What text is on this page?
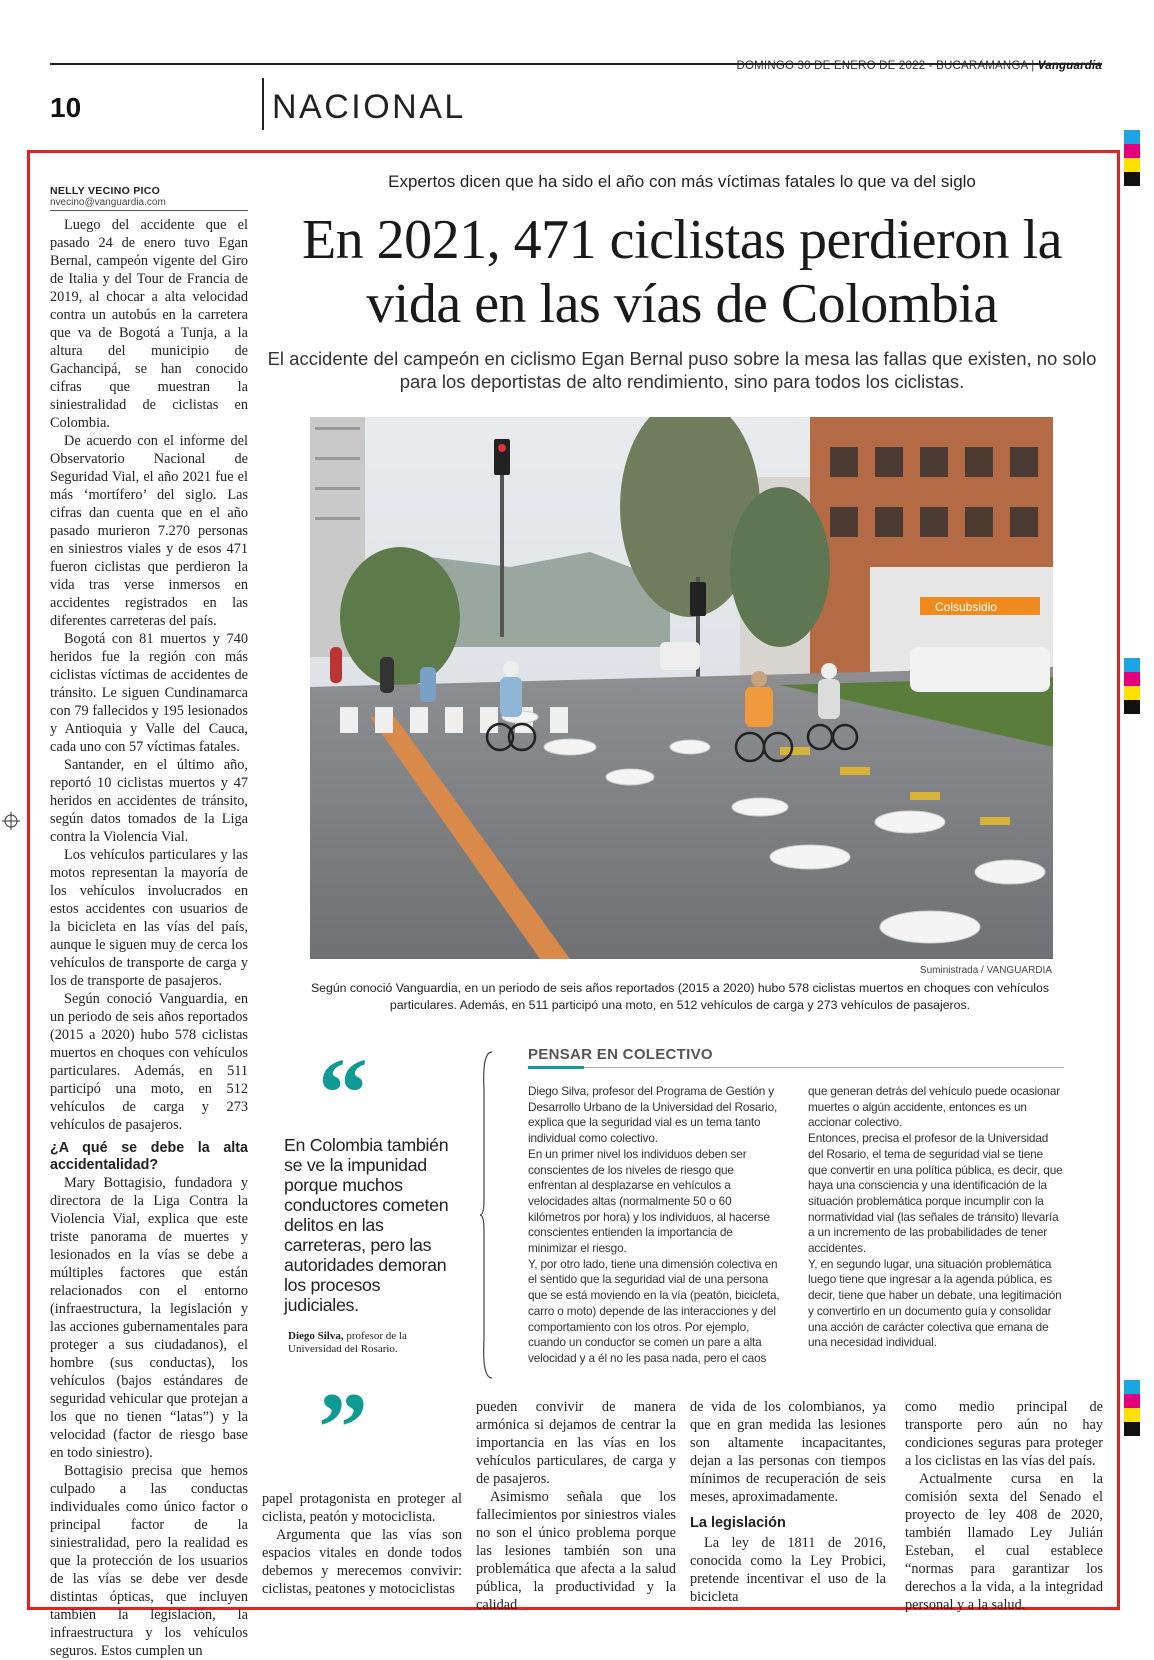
DOMINGO 30 DE ENERO DE 2022 - BUCARAMANGA | Vanguardia
10	NACIONAL
NELLY VECINO PICO
nvecino@vanguardia.com

Luego del accidente que el pasado 24 de enero tuvo Egan Bernal, campeón vigente del Giro de Italia y del Tour de Francia de 2019, al chocar a alta velocidad contra un autobús en la carretera que va de Bogotá a Tunja, a la altura del municipio de Gachancipá, se han conocido cifras que muestran la siniestralidad de ciclistas en Colombia.

De acuerdo con el informe del Observatorio Nacional de Seguridad Vial, el año 2021 fue el más ‘mortífero’ del siglo. Las cifras dan cuenta que en el año pasado murieron 7.270 personas en siniestros viales y de esos 471 fueron ciclistas que perdieron la vida tras verse inmersos en accidentes registrados en las diferentes carreteras del país.

Bogotá con 81 muertos y 740 heridos fue la región con más ciclistas víctimas de accidentes de tránsito. Le siguen Cundinamarca con 79 fallecidos y 195 lesionados y Antioquia y Valle del Cauca, cada uno con 57 víctimas fatales.

Santander, en el último año, reportó 10 ciclistas muertos y 47 heridos en accidentes de tránsito, según datos tomados de la Liga contra la Violencia Vial.

Los vehículos particulares y las motos representan la mayoría de los vehículos involucrados en estos accidentes con usuarios de la bicicleta en las vías del país, aunque le siguen muy de cerca los vehículos de transporte de carga y los de transporte de pasajeros.

Según conoció Vanguardia, en un periodo de seis años reportados (2015 a 2020) hubo 578 ciclistas muertos en choques con vehículos particulares. Además, en 511 participó una moto, en 512 vehículos de carga y 273 vehículos de pasajeros.

¿A qué se debe la alta accidentalidad?

Mary Bottagisio, fundadora y directora de la Liga Contra la Violencia Vial, explica que este triste panorama de muertes y lesionados en la vías se debe a múltiples factores que están relacionados con el entorno (infraestructura, la legislación y las acciones gubernamentales para proteger a sus ciudadanos), el hombre (sus conductas), los vehículos (bajos estándares de seguridad vehicular que protejan a los que no tienen “latas”) y la velocidad (factor de riesgo base en todo siniestro).

Bottagisio precisa que hemos culpado a las conductas individuales como único factor o principal factor de la siniestralidad, pero la realidad es que la protección de los usuarios de las vías se debe ver desde distintas ópticas, que incluyen también la legislación, la infraestructura y los vehículos seguros. Estos cumplen un

Expertos dicen que ha sido el año con más víctimas fatales lo que va del siglo
En 2021, 471 ciclistas perdieron la vida en las vías de Colombia
El accidente del campeón en ciclismo Egan Bernal puso sobre la mesa las fallas que existen, no solo para los deportistas de alto rendimiento, sino para todos los ciclistas.
Colsubsidio
Suministrada / VANGUARDIA
Según conoció Vanguardia, en un periodo de seis años reportados (2015 a 2020) hubo 578 ciclistas muertos en choques con vehículos particulares. Además, en 511 participó una moto, en 512 vehículos de carga y 273 vehículos de pasajeros.
“
En Colombia también se ve la impunidad porque muchos conductores cometen delitos en las carreteras, pero las autoridades demoran los procesos judiciales.
Diego Silva, profesor de la Universidad del Rosario.
”
PENSAR EN COLECTIVO

Diego Silva, profesor del Programa de Gestión y Desarrollo Urbano de la Universidad del Rosario, explica que la seguridad vial es un tema tanto individual como colectivo.

En un primer nivel los individuos deben ser conscientes de los niveles de riesgo que enfrentan al desplazarse en vehículos a velocidades altas (normalmente 50 o 60 kilómetros por hora) y los individuos, al hacerse conscientes entienden la importancia de minimizar el riesgo.

Y, por otro lado, tiene una dimensión colectiva en el sentido que la seguridad vial de una persona que se está moviendo en la vía (peatón, bicicleta, carro o moto) depende de las interacciones y del comportamiento con los otros. Por ejemplo, cuando un conductor se comen un pare a alta velocidad y a él no les pasa nada, pero el caos

que generan detrás del vehículo puede ocasionar muertes o algún accidente, entonces es un accionar colectivo.

Entonces, precisa el profesor de la Universidad del Rosario, el tema de seguridad vial se tiene que convertir en una política pública, es decir, que haya una consciencia y una identificación de la situación problemática porque incumplir con la normatividad vial (las señales de tránsito) llevaría a un incremento de las probabilidades de tener accidentes.

Y, en segundo lugar, una situación problemática luego tiene que ingresar a la agenda pública, es decir, tiene que haber un debate, una legitimación y convertirlo en un documento guía y consolidar una acción de carácter colectiva que emana de una necesidad individual.

papel protagonista en proteger al ciclista, peatón y motociclista.

Argumenta que las vías son espacios vitales en donde todos debemos y merecemos convivir: ciclistas, peatones y motociclistas

pueden convivir de manera armónica si dejamos de centrar la importancia en las vías en los vehículos particulares, de carga y de pasajeros.

Asimismo señala que los fallecimientos por siniestros viales no son el único problema porque las lesiones también son una problemática que afecta a la salud pública, la productividad y la calidad

de vida de los colombianos, ya que en gran medida las lesiones son altamente incapacitantes, dejan a las personas con tiempos mínimos de recuperación de seis meses, aproximadamente.

La legislación

La ley de 1811 de 2016, conocida como la Ley Probici, pretende incentivar el uso de la bicicleta

como medio principal de transporte pero aún no hay condiciones seguras para proteger a los ciclistas en las vías del país.

Actualmente cursa en la comisión sexta del Senado el proyecto de ley 408 de 2020, también llamado Ley Julián Esteban, el cual establece “normas para garantizar los derechos a la vida, a la integridad personal y a la salud.
